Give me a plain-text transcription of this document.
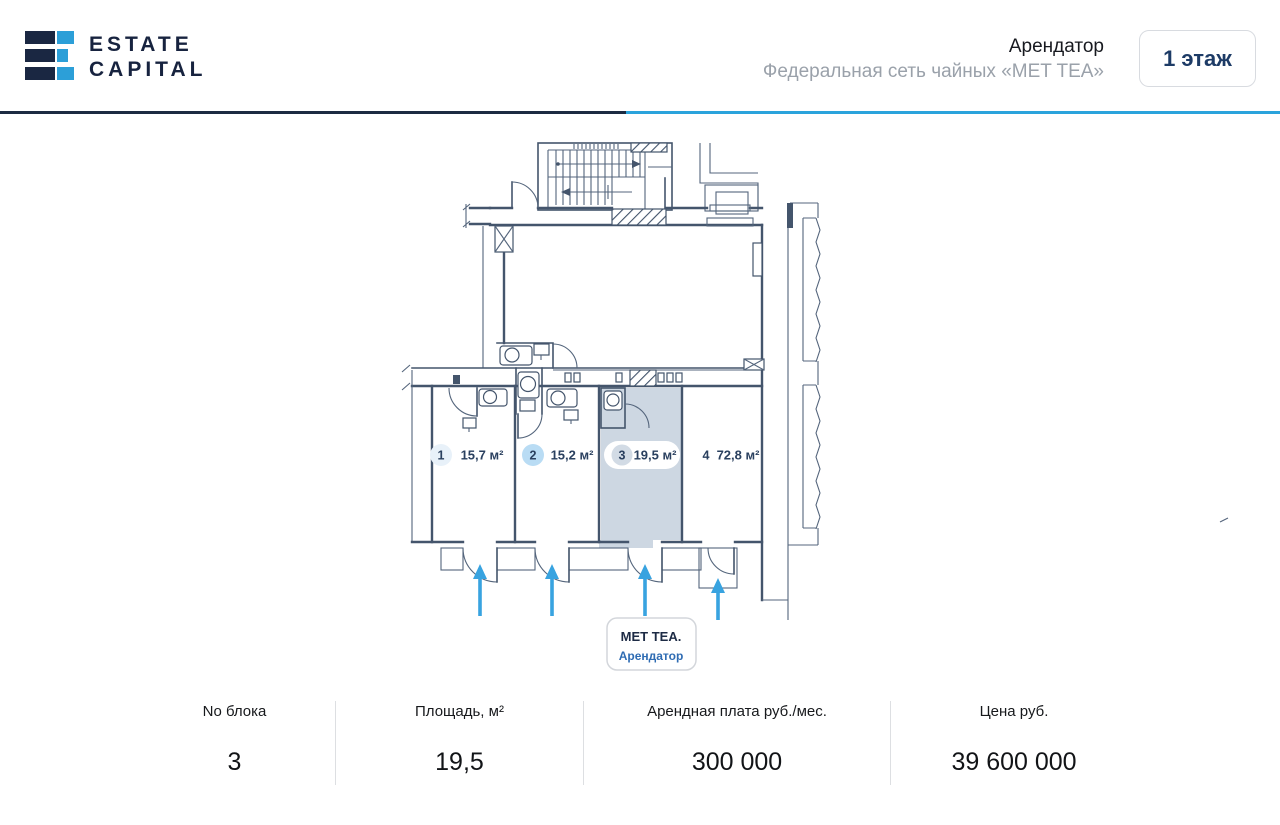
ESTATE
CAPITAL
Арендатор
Федеральная сеть чайных «MET TEA»
1 этаж
1 15,7 м² 2 15,2 м² 3 19,5 м² 4 72,8 м²
MET TEA.
Арендатор
No блока
3
Площадь, м²
19,5
Арендная плата руб./мес.
300 000
Цена руб.
39 600 000
